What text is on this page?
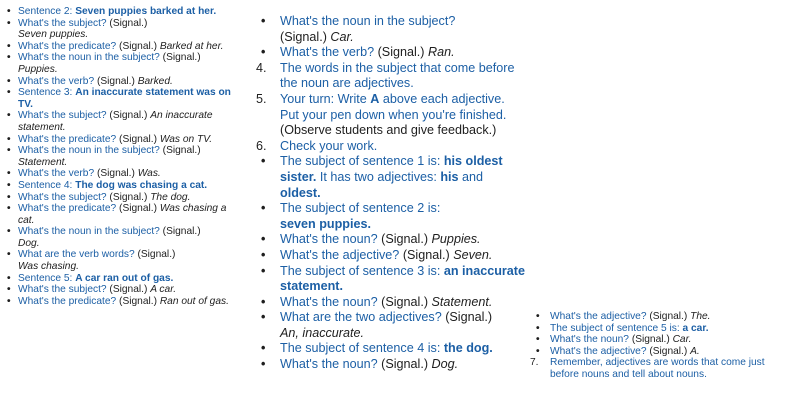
• Sentence 2: Seven puppies barked at her.
• What's the subject? (Signal.)
Seven puppies.
• What's the predicate? (Signal.) Barked at her.
• What's the noun in the subject? (Signal.)
Puppies.
• What's the verb? (Signal.) Barked.
• Sentence 3: An inaccurate statement was on TV.
• What's the subject? (Signal.) An inaccurate statement.
• What's the predicate? (Signal.) Was on TV.
• What's the noun in the subject? (Signal.)
Statement.
• What's the verb? (Signal.) Was.
• Sentence 4: The dog was chasing a cat.
• What's the subject? (Signal.) The dog.
• What's the predicate? (Signal.) Was chasing a cat.
• What's the noun in the subject? (Signal.)
Dog.
• What are the verb words? (Signal.)
Was chasing.
• Sentence 5: A car ran out of gas.
• What's the subject? (Signal.) A car.
• What's the predicate? (Signal.) Ran out of gas.
• What's the noun in the subject?
(Signal.) Car.
• What's the verb? (Signal.) Ran.
4. The words in the subject that come before the noun are adjectives.
5. Your turn: Write A above each adjective. Put your pen down when you're finished.
(Observe students and give feedback.)
6. Check your work.
• The subject of sentence 1 is: his oldest sister. It has two adjectives: his and oldest.
• The subject of sentence 2 is:
seven puppies.
• What's the noun? (Signal.) Puppies.
• What's the adjective? (Signal.) Seven.
• The subject of sentence 3 is: an inaccurate statement.
• What's the noun? (Signal.) Statement.
• What are the two adjectives? (Signal.)
An, inaccurate.
• The subject of sentence 4 is: the dog.
• What's the noun? (Signal.) Dog.
• What's the adjective? (Signal.) The.
• The subject of sentence 5 is: a car.
• What's the noun? (Signal.) Car.
• What's the adjective? (Signal.) A.
7. Remember, adjectives are words that come just before nouns and tell about nouns.
